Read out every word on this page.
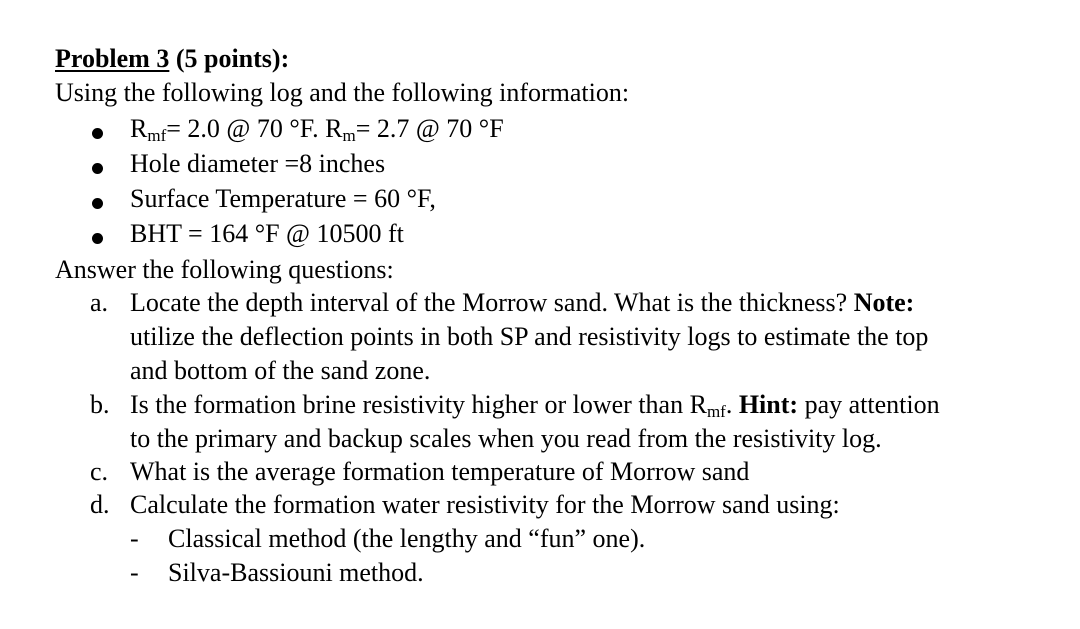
Problem 3 (5 points):
Using the following log and the following information:
$R_{mf}= 2.0$ @ 70 °F. $R_m= 2.7$ @ 70 °F
Hole diameter =8 inches
Surface Temperature = 60 °F,
BHT = 164 °F @ 10500 ft
Answer the following questions:
a. Locate the depth interval of the Morrow sand. What is the thickness? Note:
utilize the deflection points in both SP and resistivity logs to estimate the top
and bottom of the sand zone.
b. Is the formation brine resistivity higher or lower than $R_{mf}$. Hint: pay attention
to the primary and backup scales when you read from the resistivity log.
c. What is the average formation temperature of Morrow sand
d. Calculate the formation water resistivity for the Morrow sand using:
- Classical method (the lengthy and “fun” one).
- Silva-Bassiouni method.
